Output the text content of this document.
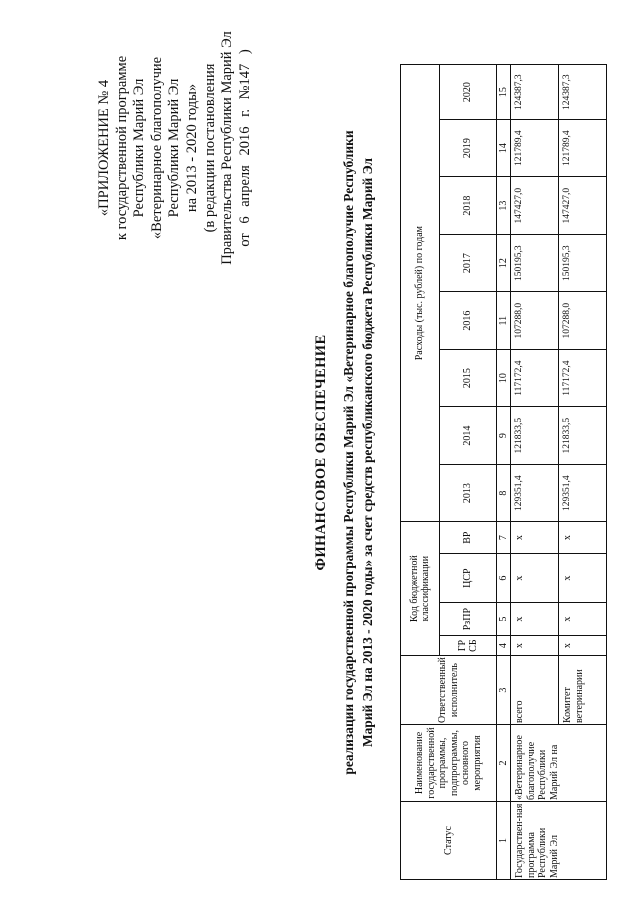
«ПРИЛОЖЕНИЕ № 4 к государственной программе Республики Марий Эл «Ветеринарное благополучие Республики Марий Эл на 2013 - 2020 годы» (в редакции постановления Правительства Республики Марий Эл от 6 апреля 2016 г. №147 )
ФИНАНСОВОЕ ОБЕСПЕЧЕНИЕ реализации государственной программы Республики Марий Эл «Ветеринарное благополучие Республики Марий Эл на 2013 - 2020 годы» за счет средств республиканского бюджета Республики Марий Эл
Статус	Наименование государственной программы, подпрограммы, основного мероприятия	Ответственный исполнитель	Код бюджетной классификации				Расходы (тыс. рублей) по годам							
			ГР СБ	РзПР	ЦСР	ВР	2013	2014	2015	2016	2017	2018	2019	2020
1	2	3	4	5	6	7	8	9	10	11	12	13	14	15
Государствен-ная программа Республики Марий Эл	«Ветеринарное благополучие Республики Марий Эл на	всего	х	х	х	х	129351,4	121833,5	117172,4	107288,0	150195,3	147427,0	121789,4	124387,3
		Комитет ветеринарии	х	х	х	х	129351,4	121833,5	117172,4	107288,0	150195,3	147427,0	121789,4	124387,3
